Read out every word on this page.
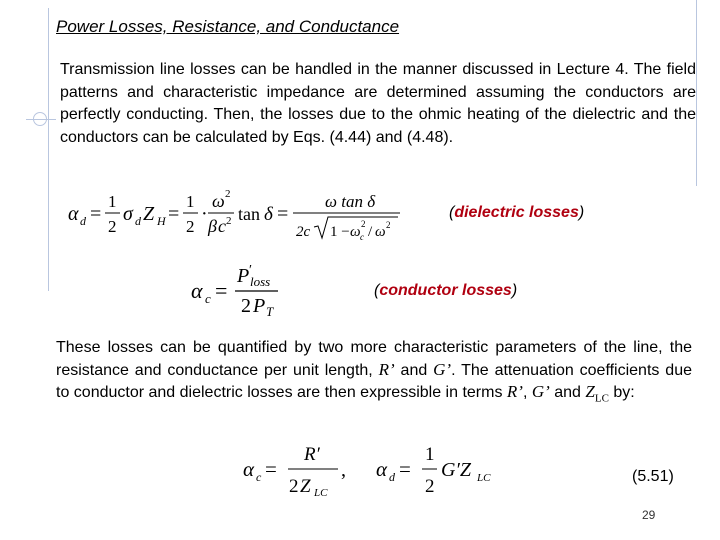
Power Losses, Resistance, and Conductance
Transmission line losses can be handled in the manner discussed in Lecture 4. The field patterns and characteristic impedance are determined assuming the conductors are perfectly conducting. Then, the losses due to the ohmic heating of the dielectric and the conductors can be calculated by Eqs. (4.44) and (4.48).
α d =
1
2
σ d Z H =
1
2
·
ω 2
β c 2 tan δ =
ω tan δ
2c 1 − ω c
2 / ω 2
(dielectric losses)
α c =
P ′
loss
2 P T
(conductor losses)
These losses can be quantified by two more characteristic parameters of the line, the resistance and conductance per unit length, R’ and G’. The attenuation coefficients due to conductor and dielectric losses are then expressible in terms R’, G’ and $Z_{LC}$ by:
α c =
R′
2 Z LC
, α d =
1
2
G′Z LC	(5.51)
29
